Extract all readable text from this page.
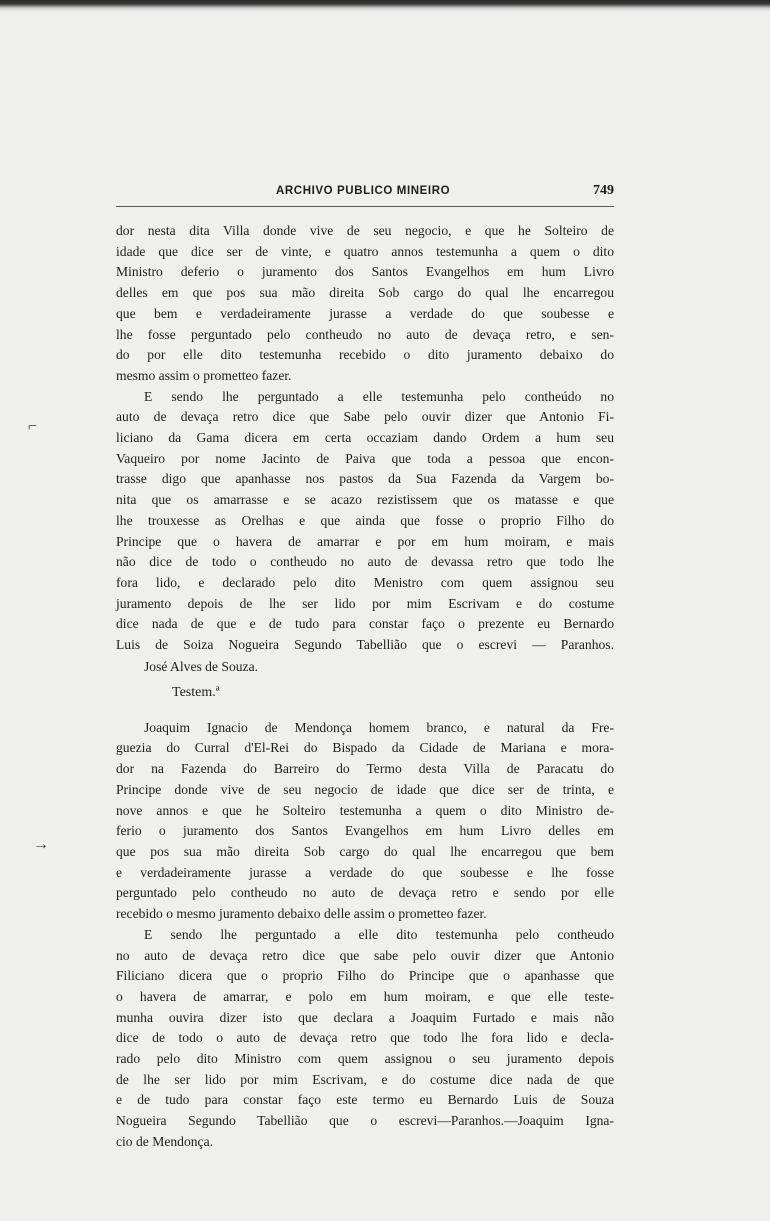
ARCHIVO PUBLICO MINEIRO	749
⌐
→

dor nesta dita Villa donde vive de seu negocio, e que he Solteiro de

idade que dice ser de vinte, e quatro annos testemunha a quem o dito

Ministro deferio o juramento dos Santos Evangelhos em hum Livro

delles em que pos sua mão direita Sob cargo do qual lhe encarregou

que bem e verdadeiramente jurasse a verdade do que soubesse e

lhe fosse perguntado pelo contheudo no auto de devaça retro, e sen-

do por elle dito testemunha recebido o dito juramento debaixo do

mesmo assim o prometteo fazer.

E sendo lhe perguntado a elle testemunha pelo contheúdo no

auto de devaça retro dice que Sabe pelo ouvir dizer que Antonio Fi-

liciano da Gama dicera em certa occaziam dando Ordem a hum seu

Vaqueiro por nome Jacinto de Paiva que toda a pessoa que encon-

trasse digo que apanhasse nos pastos da Sua Fazenda da Vargem bo-

nita que os amarrasse e se acazo rezistissem que os matasse e que

lhe trouxesse as Orelhas e que ainda que fosse o proprio Filho do

Principe que o havera de amarrar e por em hum moiram, e mais

não dice de todo o contheudo no auto de devassa retro que todo lhe

fora lido, e declarado pelo dito Menistro com quem assignou seu

juramento depois de lhe ser lido por mim Escrivam e do costume

dice nada de que e de tudo para constar faço o prezente eu Bernardo

Luis de Soiza Nogueira Segundo Tabellião que o escrevi — Paranhos.

José Alves de Souza.

Testem.ª

Joaquim Ignacio de Mendonça homem branco, e natural da Fre-

guezia do Curral d'El-Rei do Bispado da Cidade de Mariana e mora-

dor na Fazenda do Barreiro do Termo desta Villa de Paracatu do

Principe donde vive de seu negocio de idade que dice ser de trinta, e

nove annos e que he Solteiro testemunha a quem o dito Ministro de-

ferio o juramento dos Santos Evangelhos em hum Livro delles em

que pos sua mão direita Sob cargo do qual lhe encarregou que bem

e verdadeiramente jurasse a verdade do que soubesse e lhe fosse

perguntado pelo contheudo no auto de devaça retro e sendo por elle

recebido o mesmo juramento debaixo delle assim o prometteo fazer.

E sendo lhe perguntado a elle dito testemunha pelo contheudo

no auto de devaça retro dice que sabe pelo ouvir dizer que Antonio

Filiciano dicera que o proprio Filho do Principe que o apanhasse que

o havera de amarrar, e polo em hum moiram, e que elle teste-

munha ouvira dizer isto que declara a Joaquim Furtado e mais não

dice de todo o auto de devaça retro que todo lhe fora lido e decla-

rado pelo dito Ministro com quem assignou o seu juramento depois

de lhe ser lido por mim Escrivam, e do costume dice nada de que

e de tudo para constar faço este termo eu Bernardo Luis de Souza

Nogueira Segundo Tabellião que o escrevi—Paranhos.—Joaquim Igna-

cio de Mendonça.
